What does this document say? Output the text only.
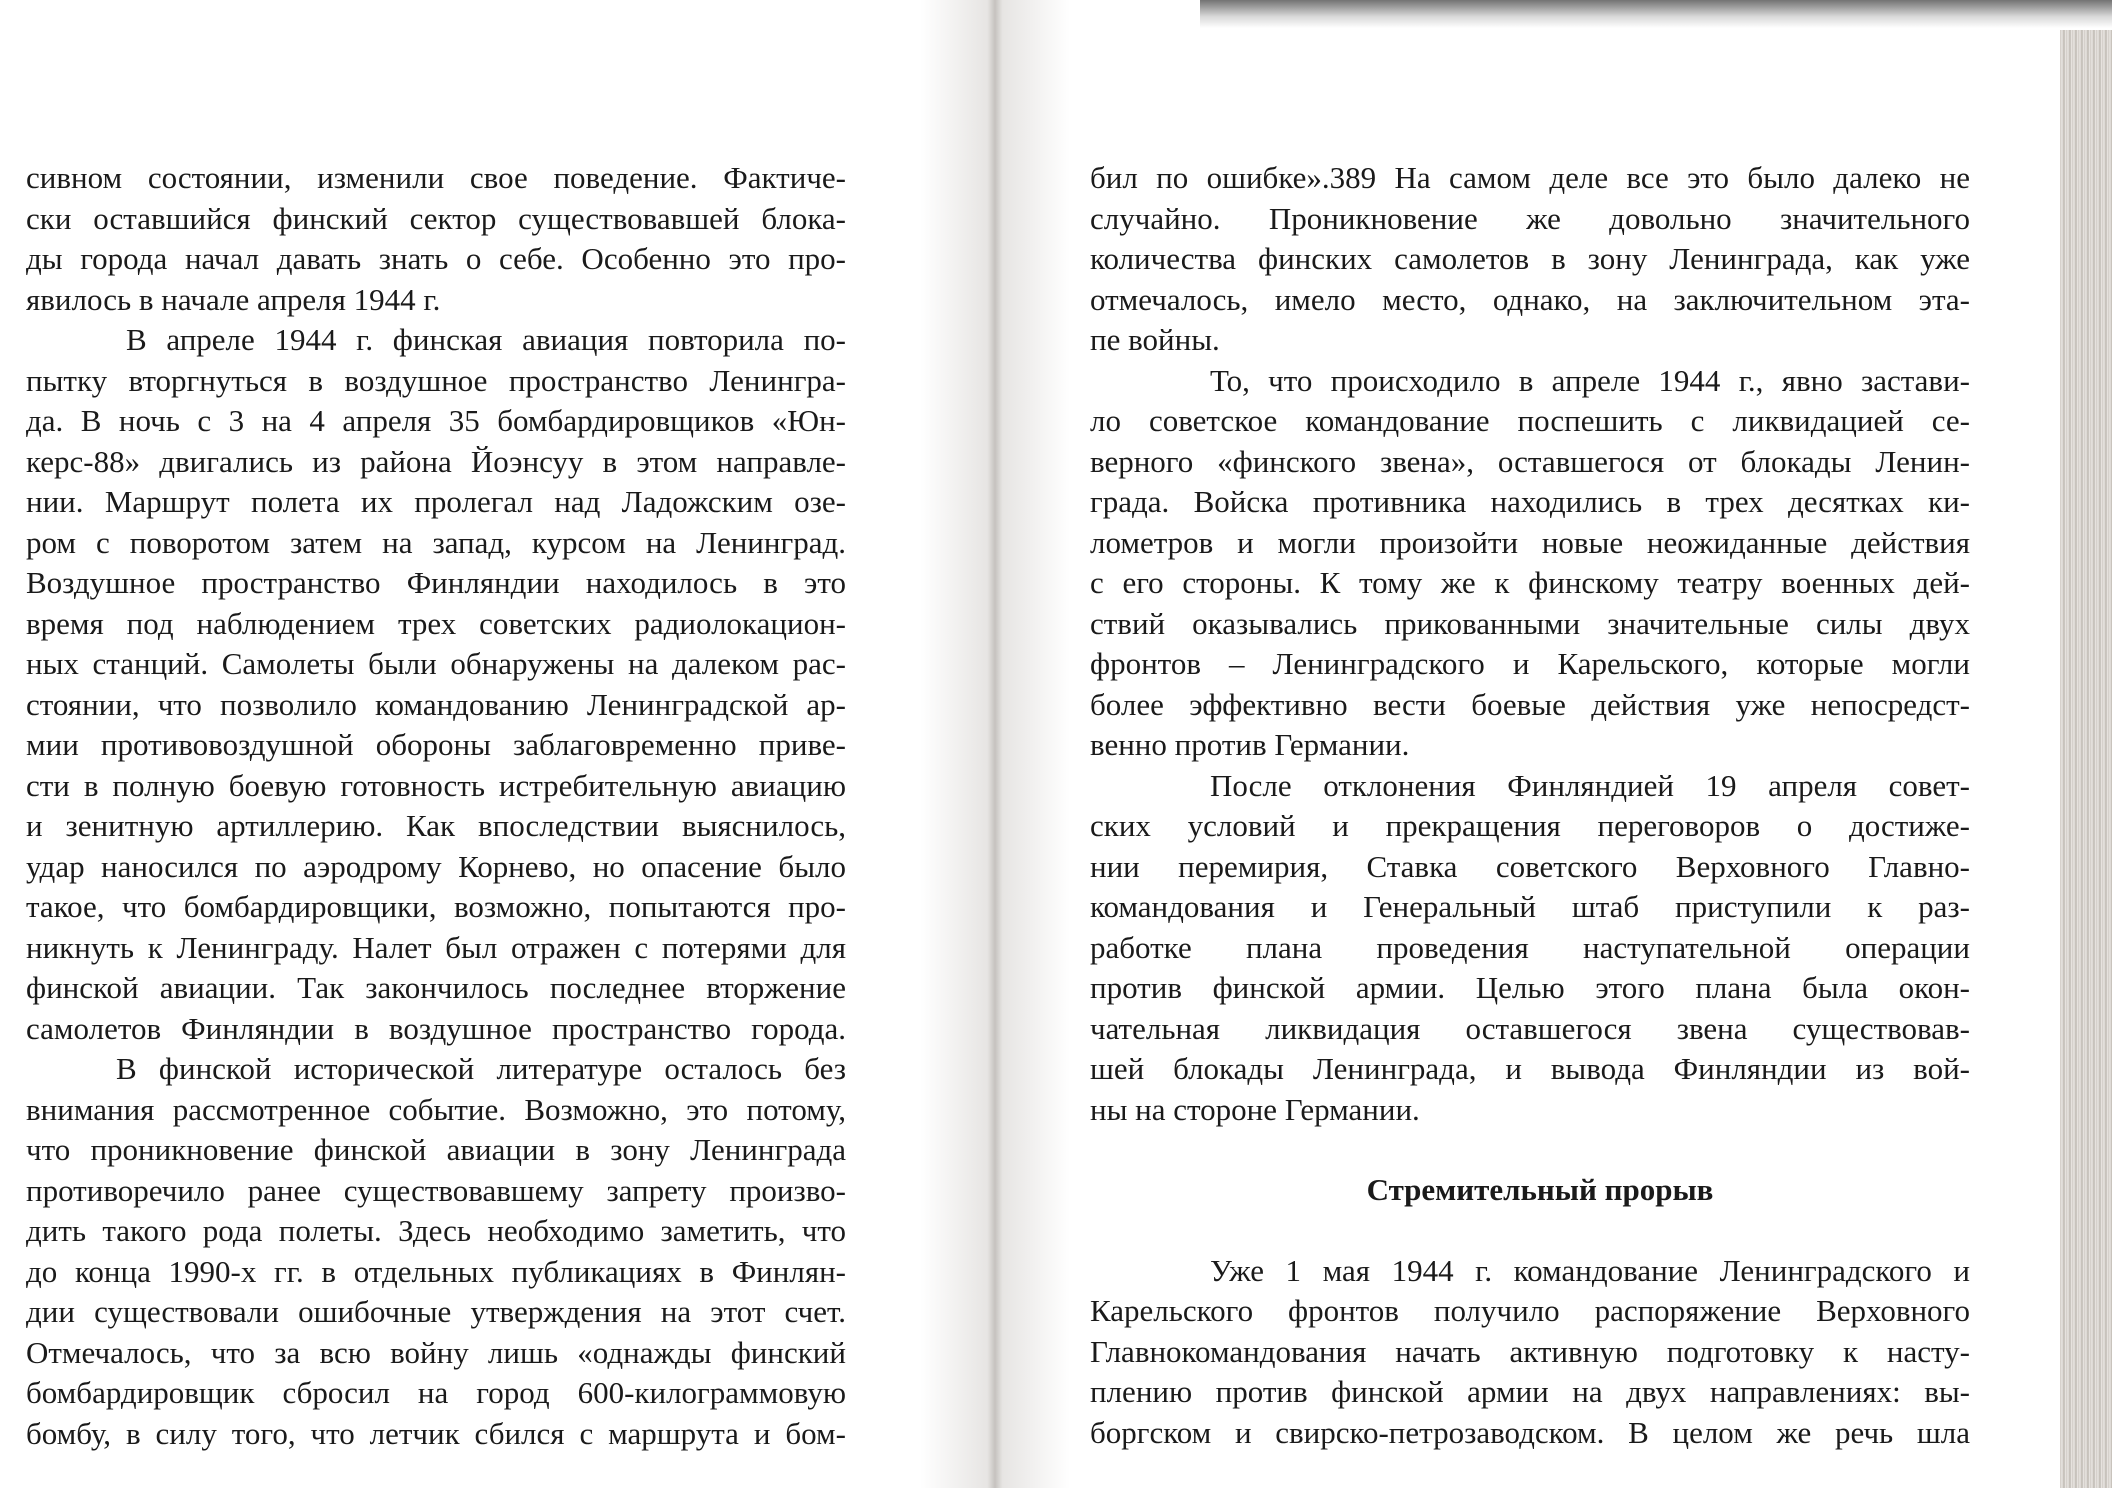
сивном состоянии, изменили свое поведение. Фактиче-
ски оставшийся финский сектор существовавшей блока-
ды города начал давать знать о себе. Особенно это про-
явилось в начале апреля 1944 г.
В апреле 1944 г. финская авиация повторила по-
пытку вторгнуться в воздушное пространство Ленингра-
да. В ночь с 3 на 4 апреля 35 бомбардировщиков «Юн-
керс-88» двигались из района Йоэнсуу в этом направле-
нии. Маршрут полета их пролегал над Ладожским озе-
ром с поворотом затем на запад, курсом на Ленинград.
Воздушное пространство Финляндии находилось в это
время под наблюдением трех советских радиолокацион-
ных станций. Самолеты были обнаружены на далеком рас-
стоянии, что позволило командованию Ленинградской ар-
мии противовоздушной обороны заблаговременно приве-
сти в полную боевую готовность истребительную авиацию
и зенитную артиллерию. Как впоследствии выяснилось,
удар наносился по аэродрому Корнево, но опасение было
такое, что бомбардировщики, возможно, попытаются про-
никнуть к Ленинграду. Налет был отражен с потерями для
финской авиации. Так закончилось последнее вторжение
самолетов Финляндии в воздушное пространство города.
В финской исторической литературе осталось без
внимания рассмотренное событие. Возможно, это потому,
что проникновение финской авиации в зону Ленинграда
противоречило ранее существовавшему запрету произво-
дить такого рода полеты. Здесь необходимо заметить, что
до конца 1990-х гг. в отдельных публикациях в Финлян-
дии существовали ошибочные утверждения на этот счет.
Отмечалось, что за всю войну лишь «однажды финский
бомбардировщик сбросил на город 600-килограммовую
бомбу, в силу того, что летчик сбился с маршрута и бом-
бил по ошибке».389 На самом деле все это было далеко не
случайно. Проникновение же довольно значительного
количества финских самолетов в зону Ленинграда, как уже
отмечалось, имело место, однако, на заключительном эта-
пе войны.
То, что происходило в апреле 1944 г., явно застави-
ло советское командование поспешить с ликвидацией се-
верного «финского звена», оставшегося от блокады Ленин-
града. Войска противника находились в трех десятках ки-
лометров и могли произойти новые неожиданные действия
с его стороны. К тому же к финскому театру военных дей-
ствий оказывались прикованными значительные силы двух
фронтов – Ленинградского и Карельского, которые могли
более эффективно вести боевые действия уже непосредст-
венно против Германии.
После отклонения Финляндией 19 апреля совет-
ских условий и прекращения переговоров о достиже-
нии перемирия, Ставка советского Верховного Главно-
командования и Генеральный штаб приступили к раз-
работке плана проведения наступательной операции
против финской армии. Целью этого плана была окон-
чательная ликвидация оставшегося звена существовав-
шей блокады Ленинграда, и вывода Финляндии из вой-
ны на стороне Германии.
Стремительный прорыв
Уже 1 мая 1944 г. командование Ленинградского и
Карельского фронтов получило распоряжение Верховного
Главнокомандования начать активную подготовку к насту-
плению против финской армии на двух направлениях: вы-
боргском и свирско-петрозаводском. В целом же речь шла
